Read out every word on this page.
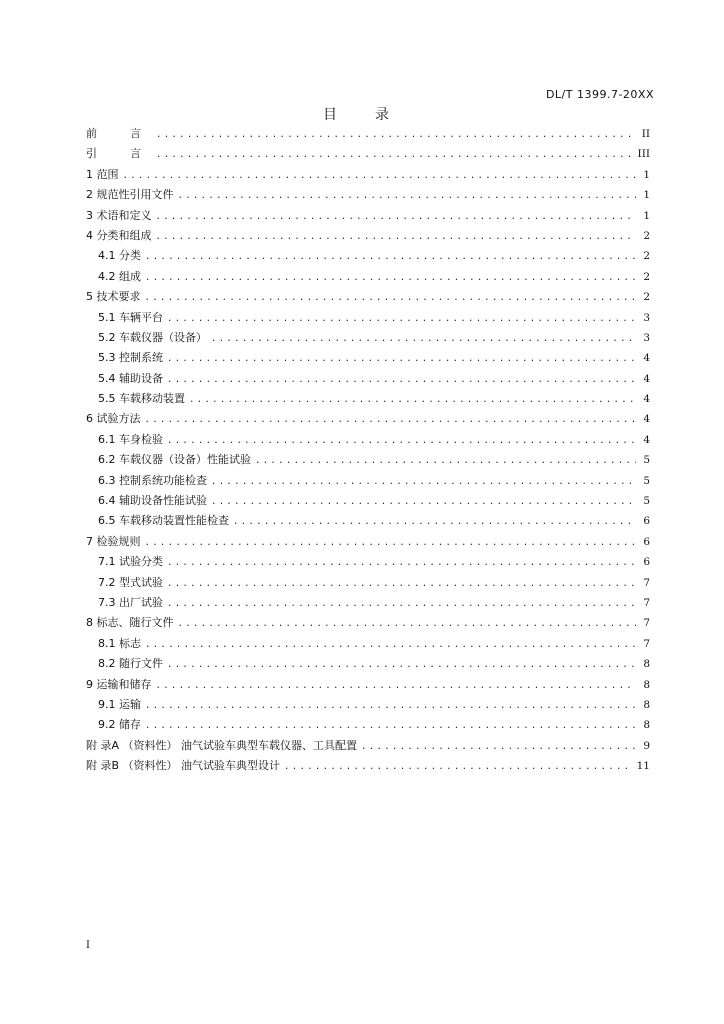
DL/T 1399.7-20XX
目　录
前　言 .....	II
引　言 .....	III
1 范围 .....	1
2 规范性引用文件 .....	1
3 术语和定义 .....	1
4 分类和组成 .....	2
4.1 分类 .....	2
4.2 组成 .....	2
5 技术要求 .....	2
5.1 车辆平台 .....	3
5.2 车载仪器（设备） .....	3
5.3 控制系统 .....	4
5.4 辅助设备 .....	4
5.5 车载移动装置 .....	4
6 试验方法 .....	4
6.1 车身检验 .....	4
6.2 车载仪器（设备）性能试验 .....	5
6.3 控制系统功能检查 .....	5
6.4 辅助设备性能试验 .....	5
6.5 车载移动装置性能检查 .....	6
7 检验规则 .....	6
7.1 试验分类 .....	6
7.2 型式试验 .....	7
7.3 出厂试验 .....	7
8 标志、随行文件 .....	7
8.1 标志 .....	7
8.2 随行文件 .....	8
9 运输和储存 .....	8
9.1 运输 .....	8
9.2 储存 .....	8
附 录A （资料性） 油气试验车典型车载仪器、工具配置 .....	9
附 录B （资料性） 油气试验车典型设计 .....	11
I
